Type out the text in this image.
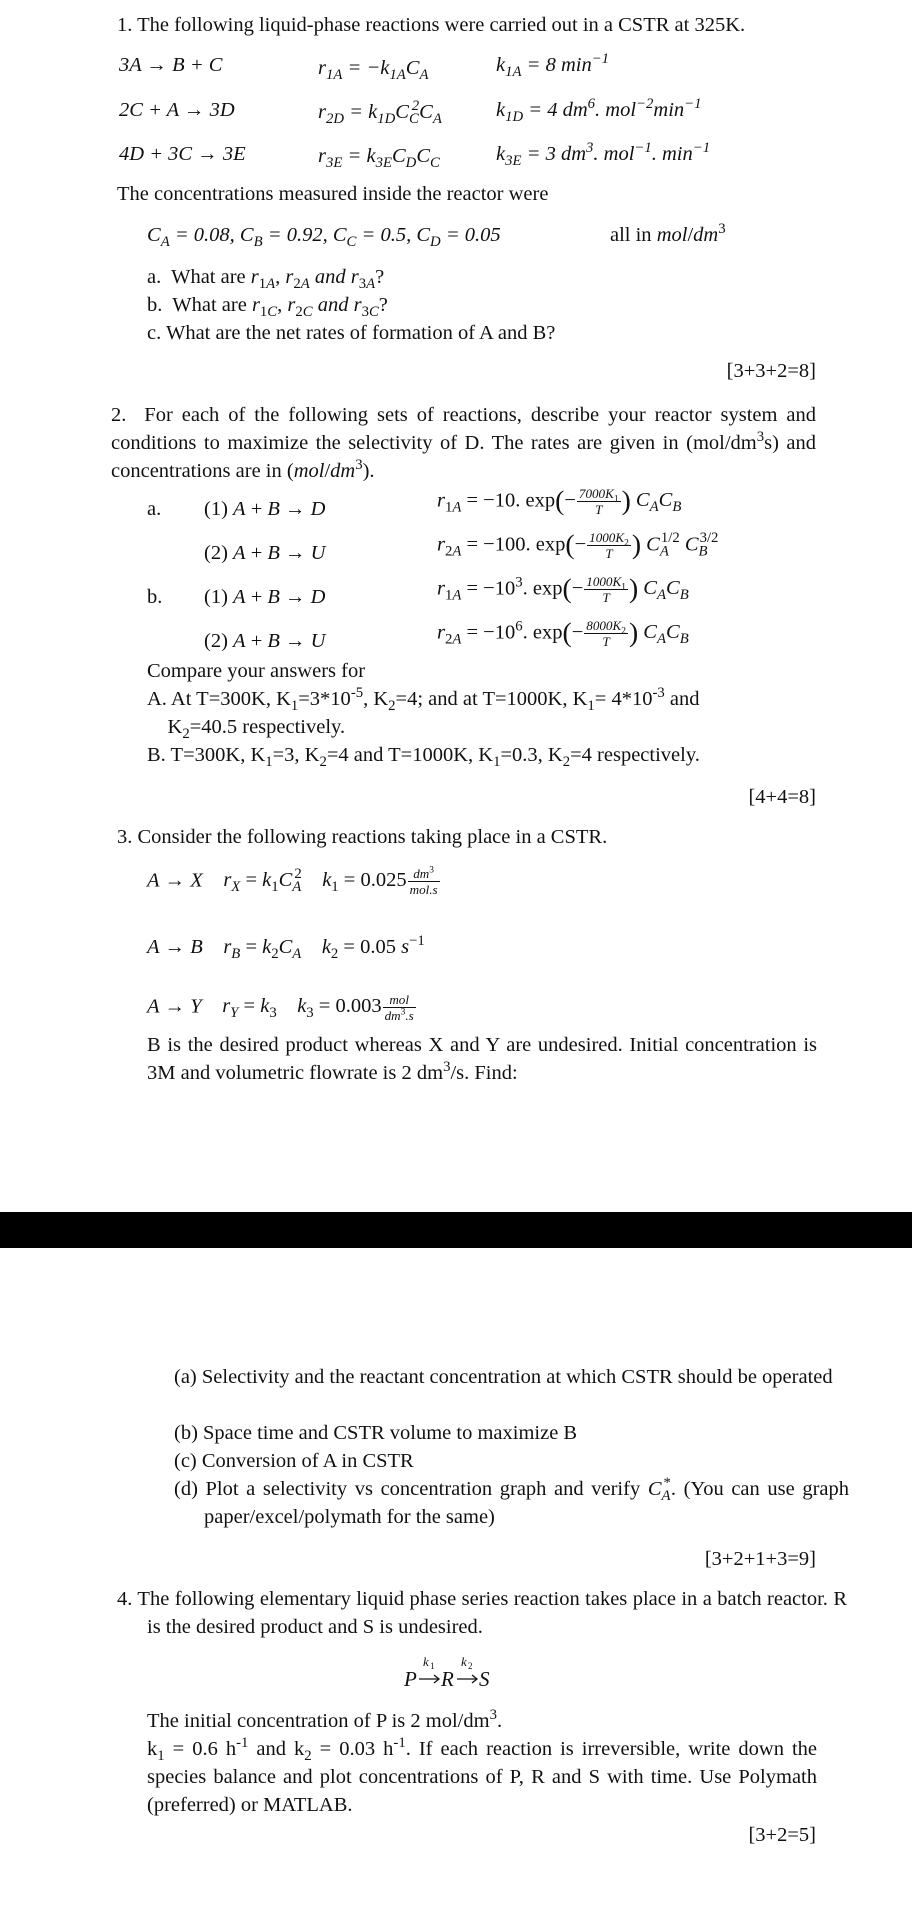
1. The following liquid-phase reactions were carried out in a CSTR at 325K.
3A → B + C	$r_{1A} = -k_{1A}C_A$	$k_{1A} = 8$ $\min^{-1}$
2C + A → 3D	$r_{2D} = k_{1D}C_C^2C_A$	$k_{1D} = 4$ $dm^6$. $mol^{-2}\min^{-1}$
4D + 3C → 3E	$r_{3E} = k_{3E}C_DC_C$	$k_{3E} = 3$ $dm^3$. mol$^{-1}$. $\min^{-1}$
The concentrations measured inside the reactor were
$C_A = 0.08$, $C_B = 0.92$, $C_C = 0.5$, $C_D = 0.05$	all in mol/$dm^3$
a.  What are $r_{1A}$, $r_{2A}$ and $r_{3A}$?
b.  What are $r_{1C}$, $r_{2C}$ and $r_{3C}$?
c. What are the net rates of formation of A and B?
[3+3+2=8]
2.  For each of the following sets of reactions, describe your reactor system and conditions to maximize the selectivity of D. The rates are given in $(mol/dm^3s)$ and concentrations are in $(mol/dm^3)$.
a. (1) A + B → D	$r_{1A} = -10$. $\exp(- \frac{7000K_1}{T}$ ) $C_AC_B$
(2) A + B → U	$r_{2A} = -100$. $\exp(- \frac{1000K_2}{T}$ ) $C_A^{1/2}$ $C_B^{3/2}$
b. (1) A + B → D	$r_{1A} = -10^3$. $\exp(- \frac{1000K_1}{T}$ ) $C_AC_B$
(2) A + B → U	$r_{2A} = -10^6$. $\exp(- \frac{8000K_2}{T}$ ) $C_AC_B$
Compare your answers for
A. At T=300K, $K_1=3*10^{-5}$, $K_2=4$; and at T=1000K, $K_1= 4*10^{-3}$ and
$K_2=40.5$ respectively.
B. T=300K, $K_1=3$, $K_2=4$ and T=1000K, $K_1=0.3$, $K_2=4$ respectively.
[4+4=8]
3. Consider the following reactions taking place in a CSTR.
A → X $r_X = k_1C_A^2$ $k_1 = 0.025 \frac{dm^3}{\text{mol.s}}$
A → B $r_B = k_2C_A$ $k_2 = 0.05$ $s^{-1}$
A → Y $r_Y = k_3$ $k_3 = 0.003 \frac{\text{mol}}{dm^3.s}$
B is the desired product whereas X and Y are undesired. Initial concentration is 3M and volumetric flowrate is 2 $dm^3/s$. Find:
(a) Selectivity and the reactant concentration at which CSTR should be operated
(b) Space time and CSTR volume to maximize B
(c) Conversion of A in CSTR
(d) Plot a selectivity vs concentration graph and verify $C_A^*$. (You can use graph paper/excel/polymath for the same)
[3+2+1+3=9]
4. The following elementary liquid phase series reaction takes place in a batch reactor. R is the desired product and S is undesired.
P
k 1
R
k 2
S
The initial concentration of P is 2 mol/$dm^3$.
$k_1 = 0.6$ $h^{-1}$ and $k_2 = 0.03$ $h^{-1}$. If each reaction is irreversible, write down the species balance and plot concentrations of P, R and S with time. Use Polymath (preferred) or MATLAB.
[3+2=5]
